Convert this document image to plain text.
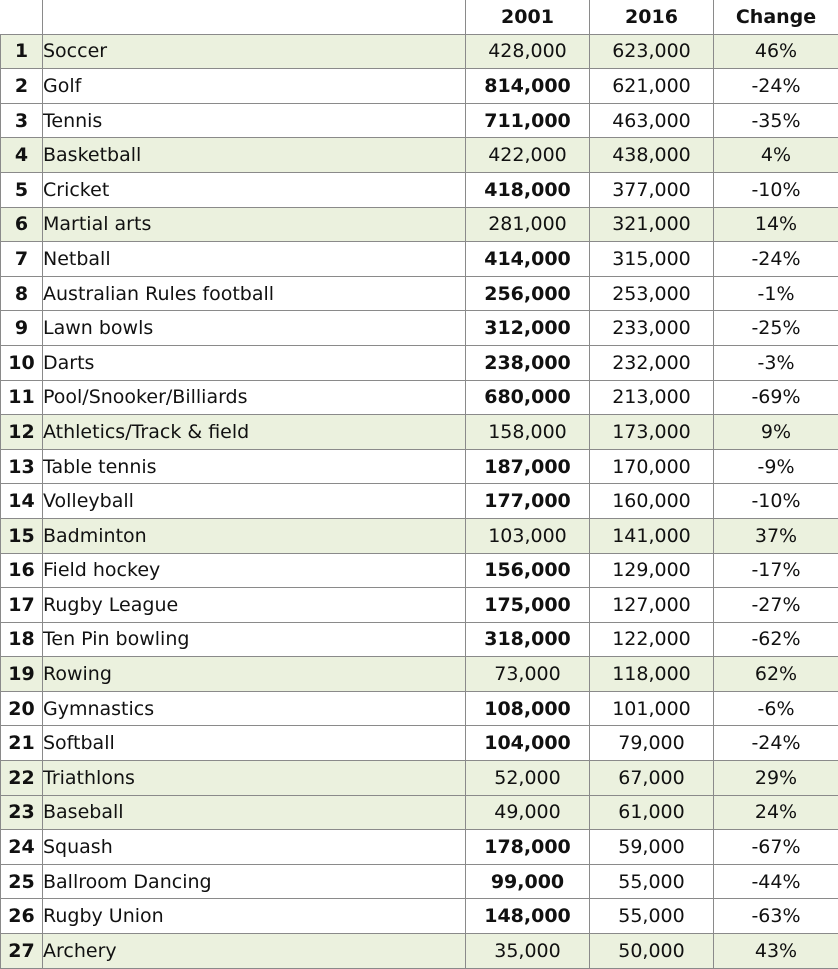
		2001	2016	Change
1	Soccer	428,000	623,000	46%
2	Golf	814,000	621,000	-24%
3	Tennis	711,000	463,000	-35%
4	Basketball	422,000	438,000	4%
5	Cricket	418,000	377,000	-10%
6	Martial arts	281,000	321,000	14%
7	Netball	414,000	315,000	-24%
8	Australian Rules football	256,000	253,000	-1%
9	Lawn bowls	312,000	233,000	-25%
10	Darts	238,000	232,000	-3%
11	Pool/Snooker/Billiards	680,000	213,000	-69%
12	Athletics/Track & field	158,000	173,000	9%
13	Table tennis	187,000	170,000	-9%
14	Volleyball	177,000	160,000	-10%
15	Badminton	103,000	141,000	37%
16	Field hockey	156,000	129,000	-17%
17	Rugby League	175,000	127,000	-27%
18	Ten Pin bowling	318,000	122,000	-62%
19	Rowing	73,000	118,000	62%
20	Gymnastics	108,000	101,000	-6%
21	Softball	104,000	79,000	-24%
22	Triathlons	52,000	67,000	29%
23	Baseball	49,000	61,000	24%
24	Squash	178,000	59,000	-67%
25	Ballroom Dancing	99,000	55,000	-44%
26	Rugby Union	148,000	55,000	-63%
27	Archery	35,000	50,000	43%
